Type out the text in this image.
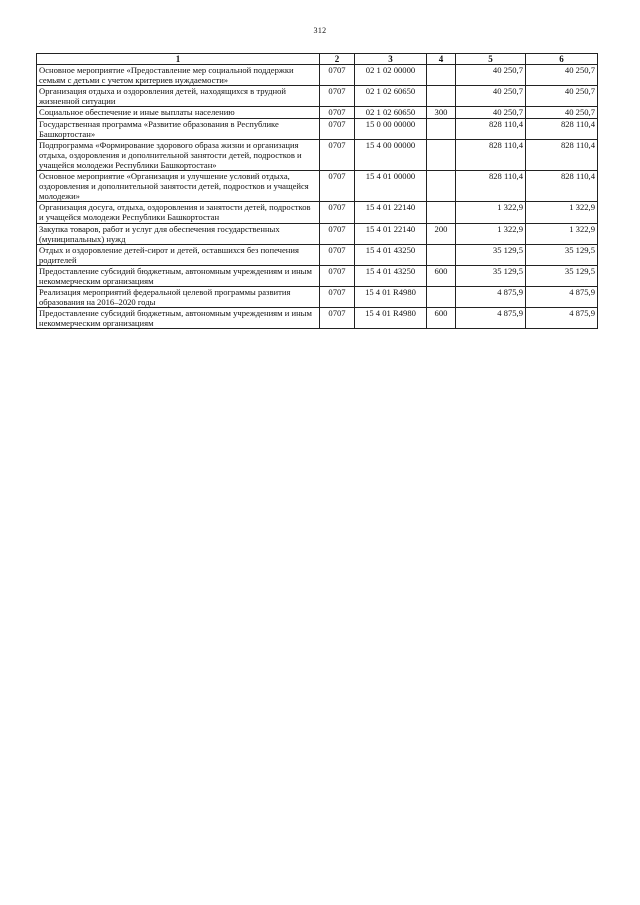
312
1	2	3	4	5	6
Основное мероприятие «Предоставление мер социальной поддержки семьям с детьми с учетом критериев нуждаемости»	0707	02 1 02 00000		40 250,7	40 250,7
Организация отдыха и оздоровления детей, находящихся в трудной жизненной ситуации	0707	02 1 02 60650		40 250,7	40 250,7
Социальное обеспечение и иные выплаты населению	0707	02 1 02 60650	300	40 250,7	40 250,7
Государственная программа «Развитие образования в Республике Башкортостан»	0707	15 0 00 00000		828 110,4	828 110,4
Подпрограмма «Формирование здорового образа жизни и организация отдыха, оздоровления и дополнительной занятости детей, подростков и учащейся молодежи Республики Башкортостан»	0707	15 4 00 00000		828 110,4	828 110,4
Основное мероприятие «Организация и улучшение условий отдыха, оздоровления и дополнительной занятости детей, подростков и учащейся молодежи»	0707	15 4 01 00000		828 110,4	828 110,4
Организация досуга, отдыха, оздоровления и занятости детей, подростков и учащейся молодежи Республики Башкортостан	0707	15 4 01 22140		1 322,9	1 322,9
Закупка товаров, работ и услуг для обеспечения государственных (муниципальных) нужд	0707	15 4 01 22140	200	1 322,9	1 322,9
Отдых и оздоровление детей-сирот и детей, оставшихся без попечения родителей	0707	15 4 01 43250		35 129,5	35 129,5
Предоставление субсидий бюджетным, автономным учреждениям и иным некоммерческим организациям	0707	15 4 01 43250	600	35 129,5	35 129,5
Реализация мероприятий федеральной целевой программы развития образования на 2016–2020 годы	0707	15 4 01 R4980		4 875,9	4 875,9
Предоставление субсидий бюджетным, автономным учреждениям и иным некоммерческим организациям	0707	15 4 01 R4980	600	4 875,9	4 875,9
